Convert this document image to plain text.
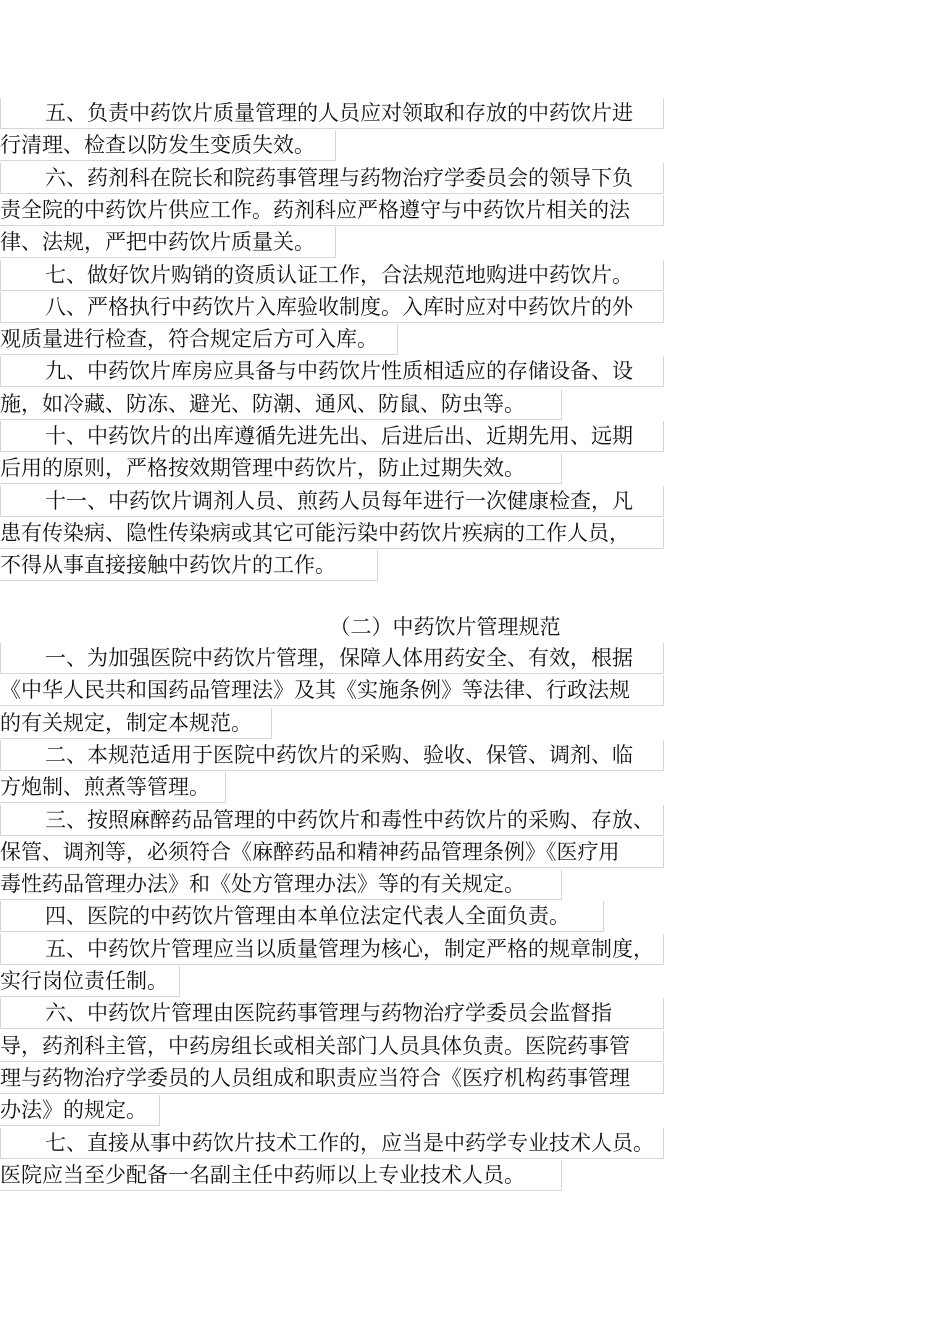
五、负责中药饮片质量管理的人员应对领取和存放的中药饮片进
行清理、检查以防发生变质失效。
六、药剂科在院长和院药事管理与药物治疗学委员会的领导下负
责全院的中药饮片供应工作。药剂科应严格遵守与中药饮片相关的法
律、法规，严把中药饮片质量关。
七、做好饮片购销的资质认证工作，合法规范地购进中药饮片。
八、严格执行中药饮片入库验收制度。入库时应对中药饮片的外
观质量进行检查，符合规定后方可入库。
九、中药饮片库房应具备与中药饮片性质相适应的存储设备、设
施，如冷藏、防冻、避光、防潮、通风、防鼠、防虫等。
十、中药饮片的出库遵循先进先出、后进后出、近期先用、远期
后用的原则，严格按效期管理中药饮片，防止过期失效。
十一、中药饮片调剂人员、煎药人员每年进行一次健康检查，凡
患有传染病、隐性传染病或其它可能污染中药饮片疾病的工作人员，
不得从事直接接触中药饮片的工作。
（二）中药饮片管理规范
一、为加强医院中药饮片管理，保障人体用药安全、有效，根据
《中华人民共和国药品管理法》及其《实施条例》等法律、行政法规
的有关规定，制定本规范。
二、本规范适用于医院中药饮片的采购、验收、保管、调剂、临
方炮制、煎煮等管理。
三、按照麻醉药品管理的中药饮片和毒性中药饮片的采购、存放、
保管、调剂等，必须符合《麻醉药品和精神药品管理条例》《医疗用
毒性药品管理办法》和《处方管理办法》等的有关规定。
四、医院的中药饮片管理由本单位法定代表人全面负责。
五、中药饮片管理应当以质量管理为核心，制定严格的规章制度，
实行岗位责任制。
六、中药饮片管理由医院药事管理与药物治疗学委员会监督指
导，药剂科主管，中药房组长或相关部门人员具体负责。医院药事管
理与药物治疗学委员的人员组成和职责应当符合《医疗机构药事管理
办法》的规定。
七、直接从事中药饮片技术工作的，应当是中药学专业技术人员。
医院应当至少配备一名副主任中药师以上专业技术人员。
